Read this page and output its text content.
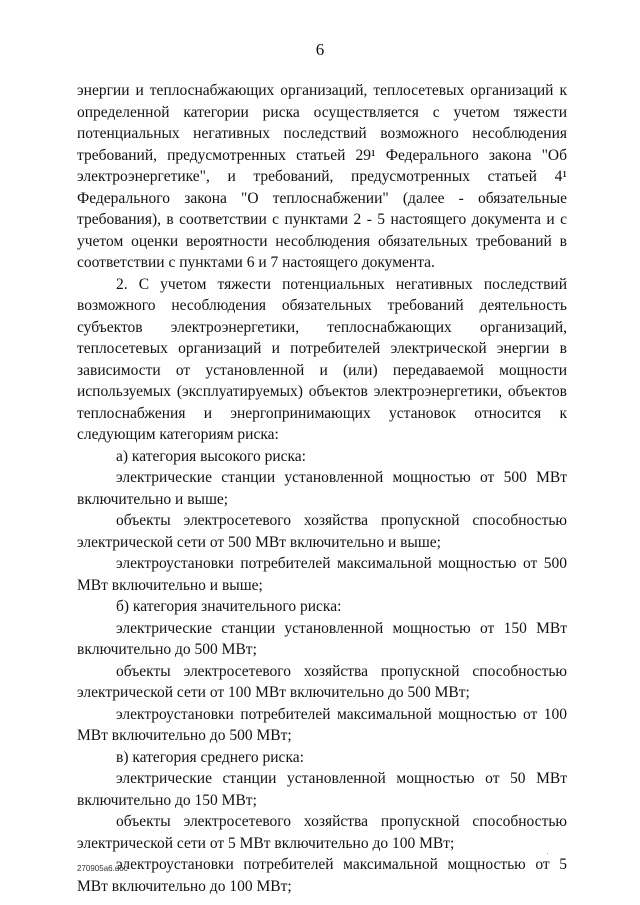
6

энергии и теплоснабжающих организаций, теплосетевых организаций к определенной категории риска осуществляется с учетом тяжести потенциальных негативных последствий возможного несоблюдения требований, предусмотренных статьей 29¹ Федерального закона "Об электроэнергетике", и требований, предусмотренных статьей 4¹ Федерального закона "О теплоснабжении" (далее - обязательные требования), в соответствии с пунктами 2 - 5 настоящего документа и с учетом оценки вероятности несоблюдения обязательных требований в соответствии с пунктами 6 и 7 настоящего документа.

2. С учетом тяжести потенциальных негативных последствий возможного несоблюдения обязательных требований деятельность субъектов электроэнергетики, теплоснабжающих организаций, теплосетевых организаций и потребителей электрической энергии в зависимости от установленной и (или) передаваемой мощности используемых (эксплуатируемых) объектов электроэнергетики, объектов теплоснабжения и энергопринимающих установок относится к следующим категориям риска:

а) категория высокого риска:

электрические станции установленной мощностью от 500 МВт включительно и выше;

объекты электросетевого хозяйства пропускной способностью электрической сети от 500 МВт включительно и выше;

электроустановки потребителей максимальной мощностью от 500 МВт включительно и выше;

б) категория значительного риска:

электрические станции установленной мощностью от 150 МВт включительно до 500 МВт;

объекты электросетевого хозяйства пропускной способностью электрической сети от 100 МВт включительно до 500 МВт;

электроустановки потребителей максимальной мощностью от 100 МВт включительно до 500 МВт;

в) категория среднего риска:

электрические станции установленной мощностью от 50 МВт включительно до 150 МВт;

объекты электросетевого хозяйства пропускной способностью электрической сети от 5 МВт включительно до 100 МВт;

электроустановки потребителей максимальной мощностью от 5 МВт включительно до 100 МВт;

270905a6.doc
